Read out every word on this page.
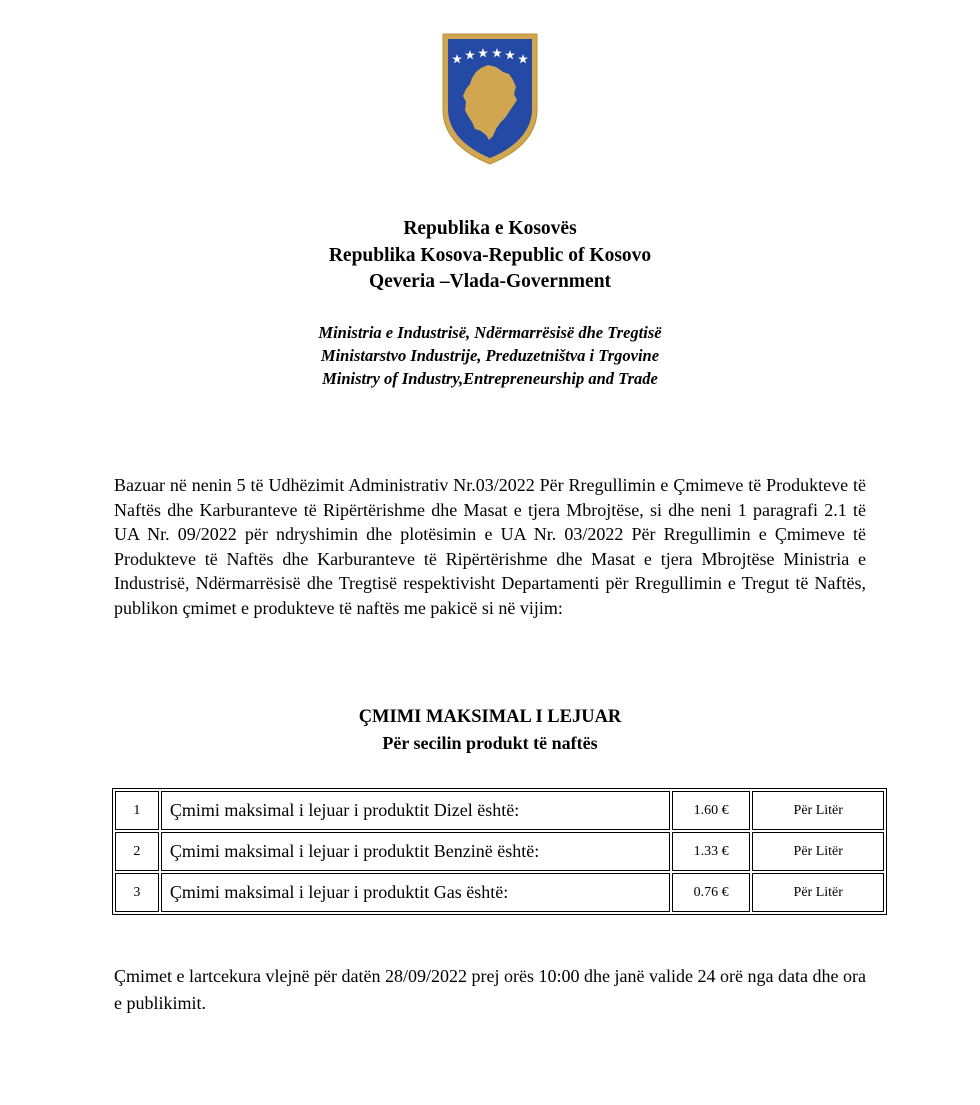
Republika e Kosovës
Republika Kosova-Republic of Kosovo
Qeveria –Vlada-Government
Ministria e Industrisë, Ndërmarrësisë dhe Tregtisë
Ministarstvo Industrije, Preduzetništva i Trgovine
Ministry of Industry,Entrepreneurship and Trade

Bazuar në nenin 5 të Udhëzimit Administrativ Nr.03/2022 Për Rregullimin e Çmimeve të Produkteve të Naftës dhe Karburanteve të Ripërtërishme dhe Masat e tjera Mbrojtëse, si dhe neni 1 paragrafi 2.1 të UA Nr. 09/2022 për ndryshimin dhe plotësimin e UA Nr. 03/2022 Për Rregullimin e Çmimeve të Produkteve të Naftës dhe Karburanteve të Ripërtërishme dhe Masat e tjera Mbrojtëse Ministria e Industrisë, Ndërmarrësisë dhe Tregtisë respektivisht Departamenti për Rregullimin e Tregut të Naftës, publikon çmimet e produkteve të naftës me pakicë si në vijim:

ÇMIMI MAKSIMAL I LEJUAR
Për secilin produkt të naftës
1	Çmimi maksimal i lejuar i produktit Dizel është:	1.60 €	Për Litër
2	Çmimi maksimal i lejuar i produktit Benzinë është:	1.33 €	Për Litër
3	Çmimi maksimal i lejuar i produktit Gas është:	0.76 €	Për Litër

Çmimet e lartcekura vlejnë për datën 28/09/2022 prej orës 10:00 dhe janë valide 24 orë nga data dhe ora e publikimit.
